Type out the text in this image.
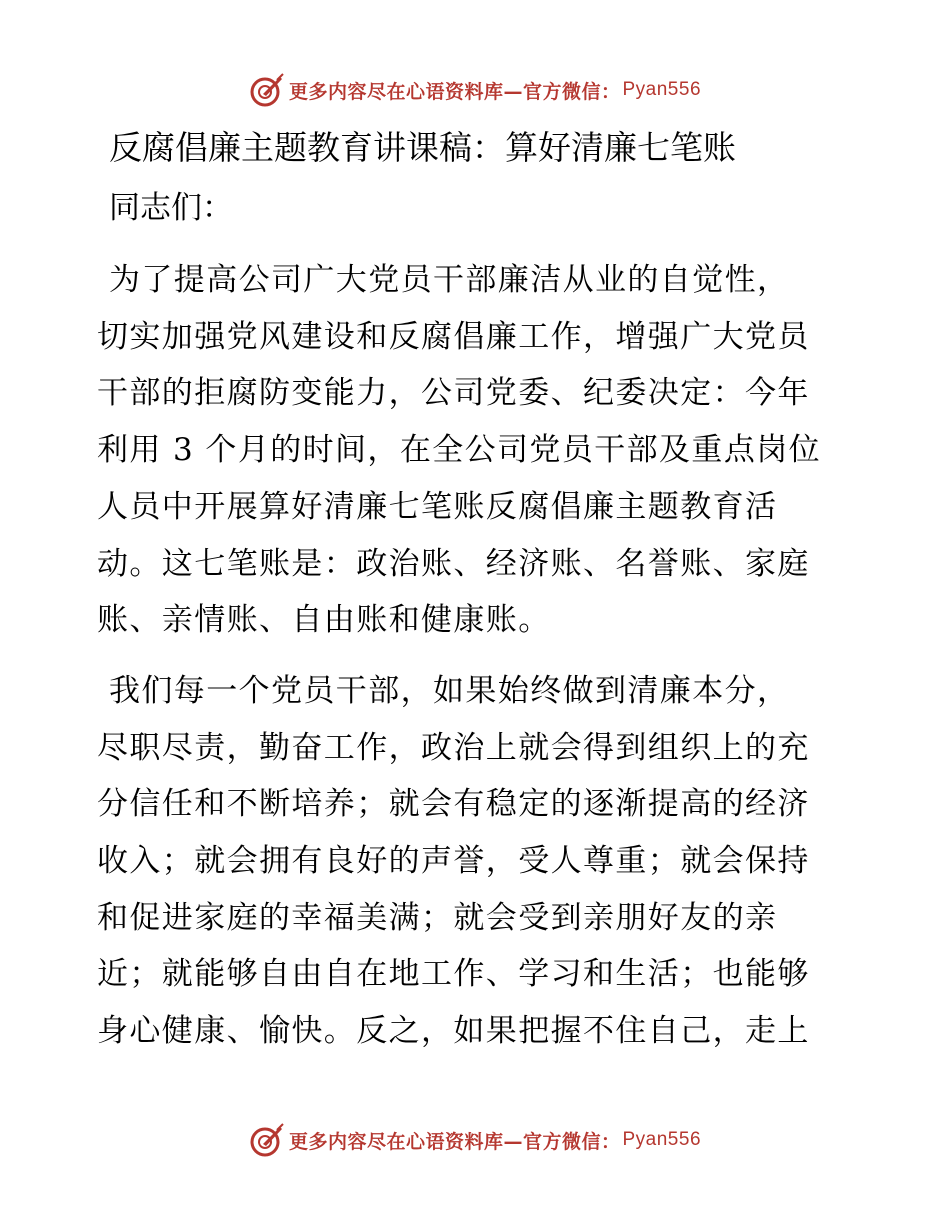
更多内容尽在心语资料库—官方微信： Pyan556
反腐倡廉主题教育讲课稿：算好清廉七笔账
同志们：
为了提高公司广大党员干部廉洁从业的自觉性，
切实加强党风建设和反腐倡廉工作，增强广大党员
干部的拒腐防变能力，公司党委、纪委决定：今年
利用 3 个月的时间，在全公司党员干部及重点岗位
人员中开展算好清廉七笔账反腐倡廉主题教育活
动。这七笔账是：政治账、经济账、名誉账、家庭
账、亲情账、自由账和健康账。
我们每一个党员干部，如果始终做到清廉本分，
尽职尽责，勤奋工作，政治上就会得到组织上的充
分信任和不断培养；就会有稳定的逐渐提高的经济
收入；就会拥有良好的声誉，受人尊重；就会保持
和促进家庭的幸福美满；就会受到亲朋好友的亲
近；就能够自由自在地工作、学习和生活；也能够
身心健康、愉快。反之，如果把握不住自己，走上
更多内容尽在心语资料库—官方微信： Pyan556
